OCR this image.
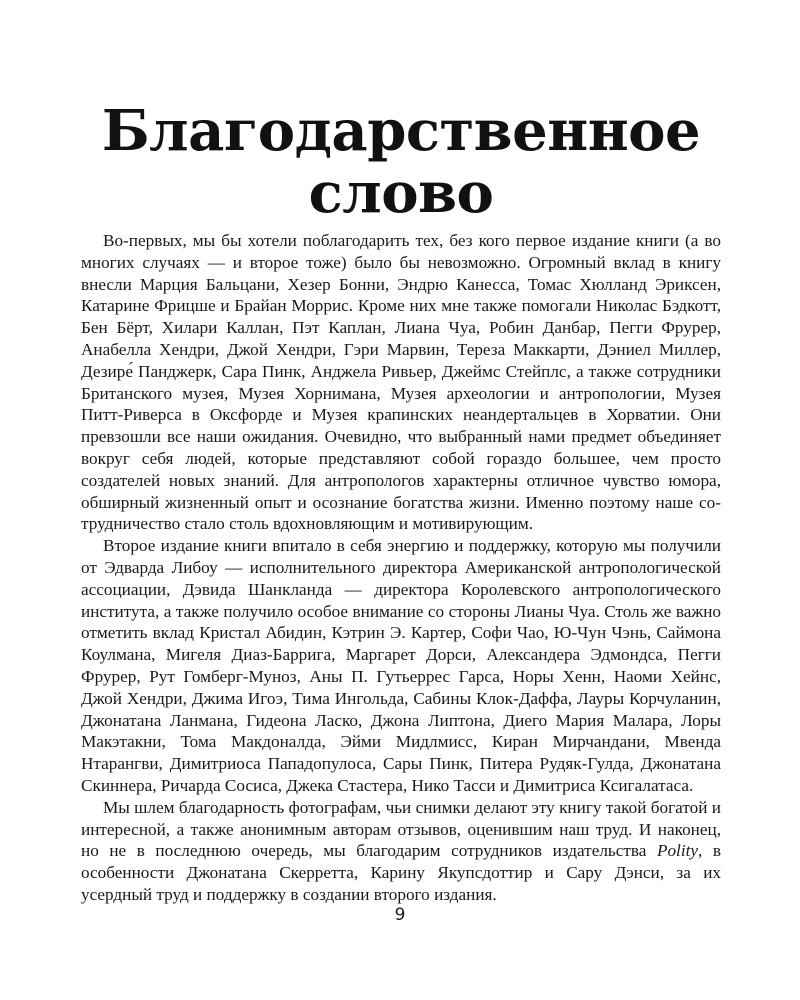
Благодарственное
слово

Во-первых, мы бы хотели поблагодарить тех, без кого первое издание книги (а во многих случаях — и второе тоже) было бы невозможно. Огромный вклад в книгу внесли Марция Бальцани, Хезер Бонни, Эндрю Канесса, Томас Хюлланд Эриксен, Катарине Фрицше и Брайан Моррис. Кроме них мне также помогали Николас Бэдкотт, Бен Бёрт, Хилари Каллан, Пэт Каплан, Лиана Чуа, Робин Данбар, Пегги Фрурер, Анабелла Хендри, Джой Хендри, Гэри Марвин, Тереза Маккарти, Дэниел Миллер, Дезире́ Панджерк, Сара Пинк, Анджела Ривьер, Джеймс Стейплс, а также сотрудники Британского музея, Музея Хорнимана, Музея археологии и антропологии, Музея Питт-Риверса в Оксфорде и Музея крапинских неандертальцев в Хорватии. Они превзошли все наши ожидания. Очевидно, что выбранный нами предмет объединяет вокруг себя людей, которые представляют собой гораздо большее, чем просто создателей новых знаний. Для антропологов характерны отличное чувство юмора, обширный жизненный опыт и осознание богатства жизни. Именно поэтому наше сотрудничество стало столь вдохновляющим и мотивирующим.

Второе издание книги впитало в себя энергию и поддержку, которую мы получили от Эдварда Либоу — исполнительного директора Американской антропологической ассоциации, Дэвида Шанкланда — директора Королевского антропологического института, а также получило особое внимание со стороны Лианы Чуа. Столь же важно отметить вклад Кристал Абидин, Кэтрин Э. Картер, Софи Чао, Ю-Чун Чэнь, Саймона Коулмана, Мигеля Диаз-Баррига, Маргарет Дорси, Александера Эдмондса, Пегги Фрурер, Рут Гомберг-Муноз, Аны П. Гутьеррес Гарса, Норы Хенн, Наоми Хейнс, Джой Хендри, Джима Игоэ, Тима Ингольда, Сабины Клок-Даффа, Лауры Корчуланин, Джонатана Ланмана, Гидеона Ласко, Джона Липтона, Диего Мария Малара, Лоры Макэтакни, Тома Макдоналда, Эйми Мидлмисс, Киран Мирчандани, Мвенда Нтарангви, Димитриоса Пападопулоса, Сары Пинк, Питера Рудяк-Гулда, Джонатана Скиннера, Ричарда Сосиса, Джека Стастера, Нико Тасси и Димитриса Ксигалатаса.

Мы шлем благодарность фотографам, чьи снимки делают эту книгу такой богатой и интересной, а также анонимным авторам отзывов, оценившим наш труд. И наконец, но не в последнюю очередь, мы благодарим сотрудников издательства Polity, в особенности Джонатана Скерретта, Карину Якупсдоттир и Сару Дэнси, за их усердный труд и поддержку в создании второго издания.

9
